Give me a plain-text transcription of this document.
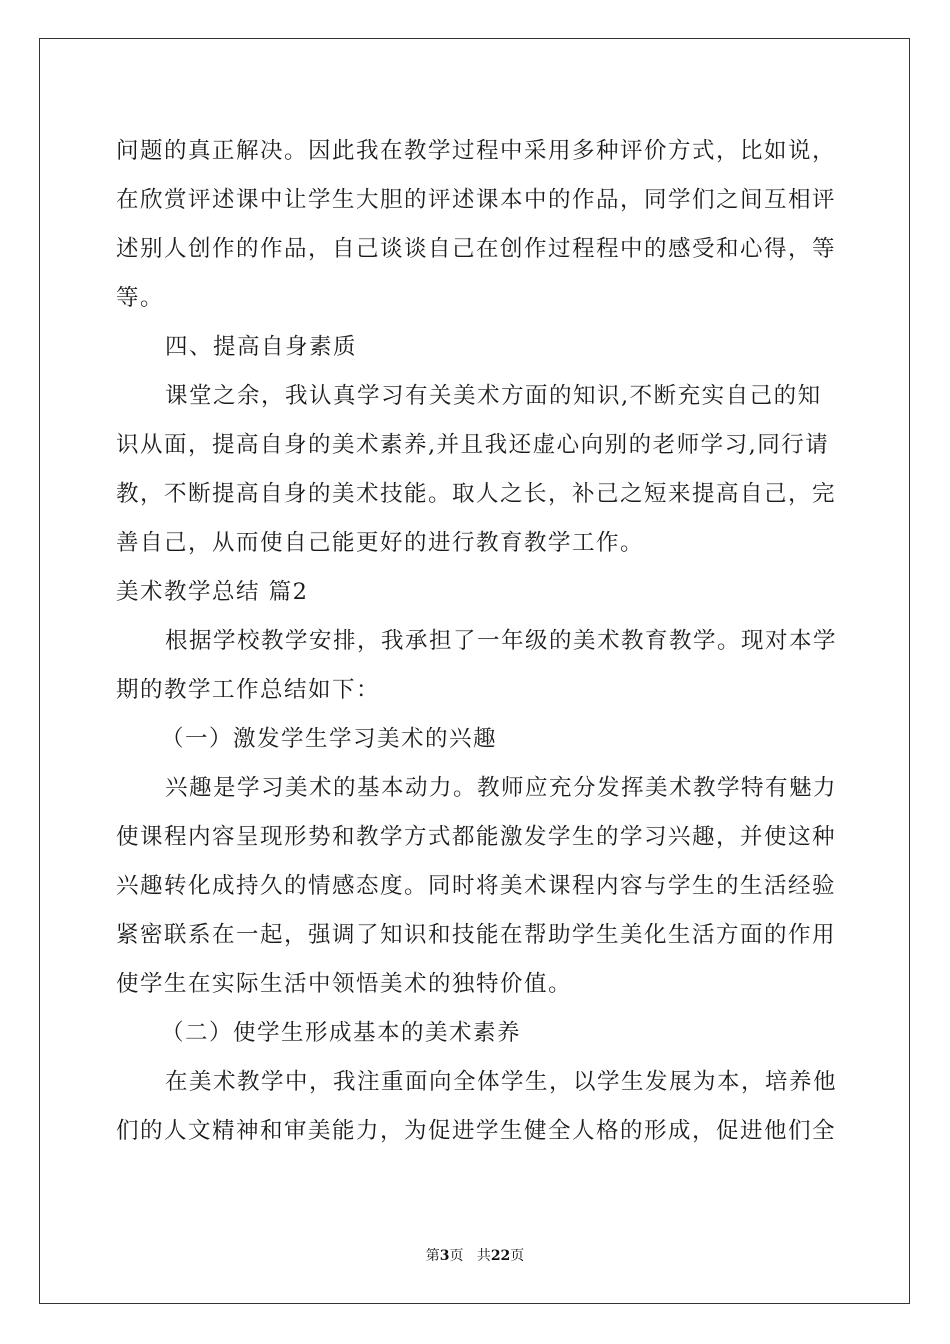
问题的真正解决。因此我在教学过程中采用多种评价方式，比如说，
在欣赏评述课中让学生大胆的评述课本中的作品，同学们之间互相评
述别人创作的作品，自己谈谈自己在创作过程程中的感受和心得，等
等。
四、提高自身素质
课堂之余，我认真学习有关美术方面的知识,不断充实自己的知
识从面，提高自身的美术素养,并且我还虚心向别的老师学习,同行请
教，不断提高自身的美术技能。取人之长，补己之短来提高自己，完
善自己，从而使自己能更好的进行教育教学工作。
美术教学总结 篇2
根据学校教学安排，我承担了一年级的美术教育教学。现对本学
期的教学工作总结如下：
（一）激发学生学习美术的兴趣
兴趣是学习美术的基本动力。教师应充分发挥美术教学特有魅力
使课程内容呈现形势和教学方式都能激发学生的学习兴趣，并使这种
兴趣转化成持久的情感态度。同时将美术课程内容与学生的生活经验
紧密联系在一起，强调了知识和技能在帮助学生美化生活方面的作用
使学生在实际生活中领悟美术的独特价值。
（二）使学生形成基本的美术素养
在美术教学中，我注重面向全体学生，以学生发展为本，培养他
们的人文精神和审美能力，为促进学生健全人格的形成，促进他们全
第3页 共22页
